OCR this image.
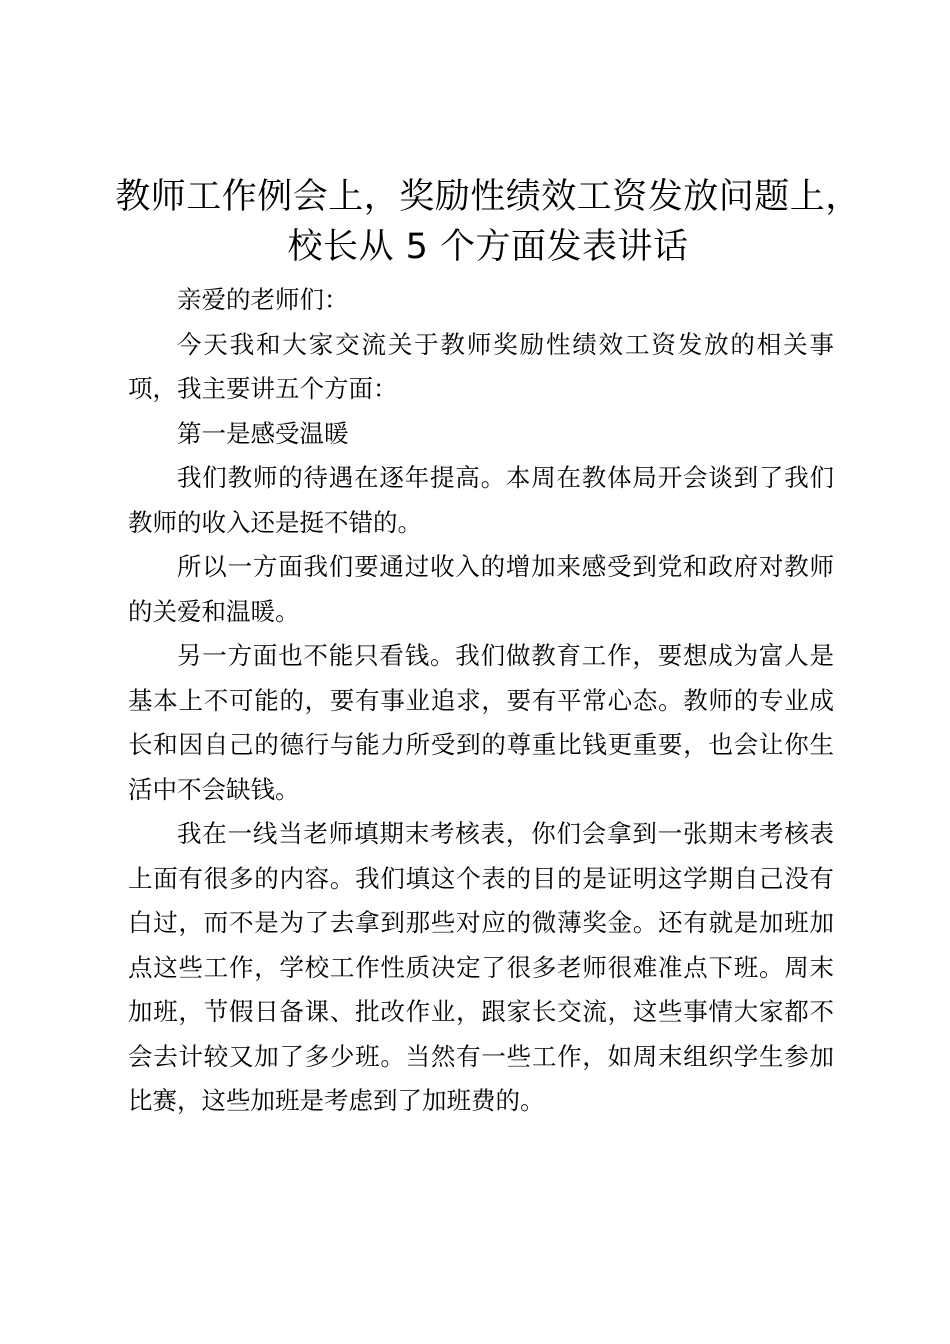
教师工作例会上，奖励性绩效工资发放问题上，
校长从 5 个方面发表讲话

亲爱的老师们：

今天我和大家交流关于教师奖励性绩效工资发放的相关事项，我主要讲五个方面：

第一是感受温暖

我们教师的待遇在逐年提高。本周在教体局开会谈到了我们教师的收入还是挺不错的。

所以一方面我们要通过收入的增加来感受到党和政府对教师的关爱和温暖。

另一方面也不能只看钱。我们做教育工作，要想成为富人是基本上不可能的，要有事业追求，要有平常心态。教师的专业成长和因自己的德行与能力所受到的尊重比钱更重要，也会让你生活中不会缺钱。

我在一线当老师填期末考核表，你们会拿到一张期末考核表上面有很多的内容。我们填这个表的目的是证明这学期自己没有白过，而不是为了去拿到那些对应的微薄奖金。还有就是加班加点这些工作，学校工作性质决定了很多老师很难准点下班。周末加班，节假日备课、批改作业，跟家长交流，这些事情大家都不会去计较又加了多少班。当然有一些工作，如周末组织学生参加比赛，这些加班是考虑到了加班费的。
